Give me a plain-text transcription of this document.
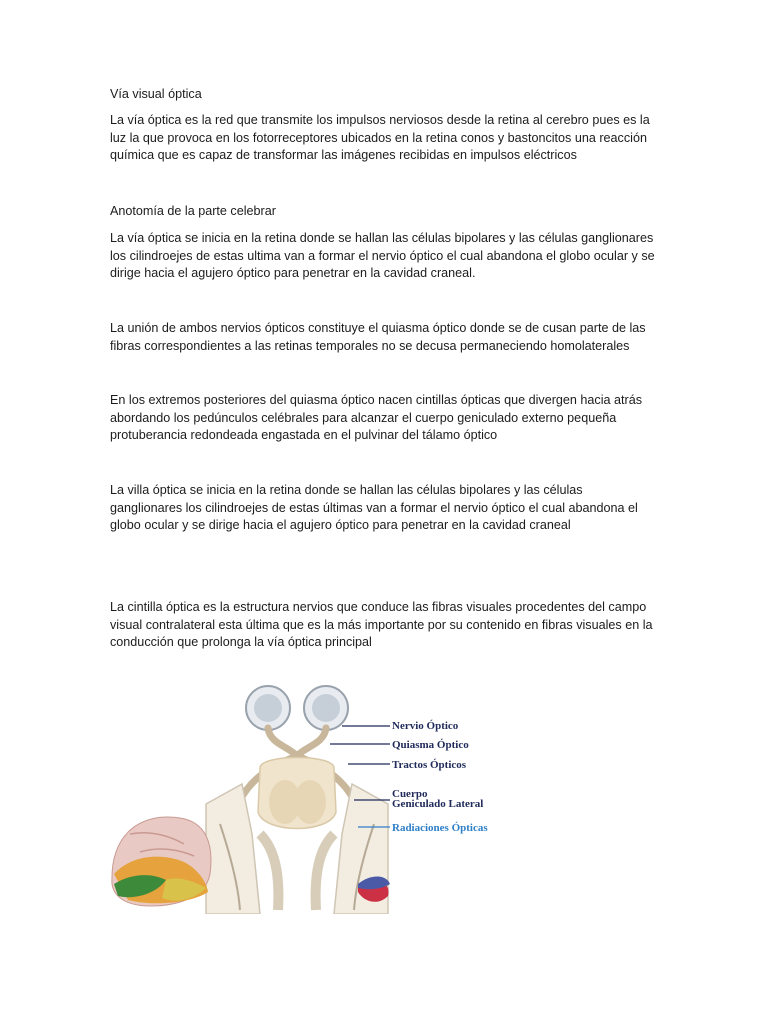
Vía visual óptica

La vía óptica es la red que transmite los impulsos nerviosos desde la retina al cerebro pues es la luz la que provoca en los fotorreceptores ubicados en la retina conos y bastoncitos una reacción química que es capaz de transformar las imágenes recibidas en impulsos eléctricos

Anotomía de la parte celebrar

La vía óptica se inicia en la retina donde se hallan las células bipolares y las células ganglionares los cilindroejes de estas ultima van a formar el nervio óptico el cual abandona el globo ocular y se dirige hacia el agujero óptico para penetrar en la cavidad craneal.

La unión de ambos nervios ópticos constituye el quiasma óptico donde se de cusan parte de las fibras correspondientes a las retinas temporales no se decusa permaneciendo homolaterales

En los extremos posteriores del quiasma óptico nacen cintillas ópticas que divergen hacia atrás abordando los pedúnculos celébrales para alcanzar el cuerpo geniculado externo pequeña protuberancia redondeada engastada en el pulvinar del tálamo óptico

La villa óptica se inicia en la retina donde se hallan las células bipolares y las células ganglionares los cilindroejes de estas últimas van a formar el nervio óptico el cual abandona el globo ocular y se dirige hacia el agujero óptico para penetrar en la cavidad craneal

La cintilla óptica es la estructura nervios que conduce las fibras visuales procedentes del campo visual contralateral esta última que es la más importante por su contenido en fibras visuales en la conducción que prolonga la vía óptica principal

Nervio Óptico
Quiasma Óptico
Tractos Ópticos
Cuerpo
Geniculado Lateral
Radiaciones Ópticas
